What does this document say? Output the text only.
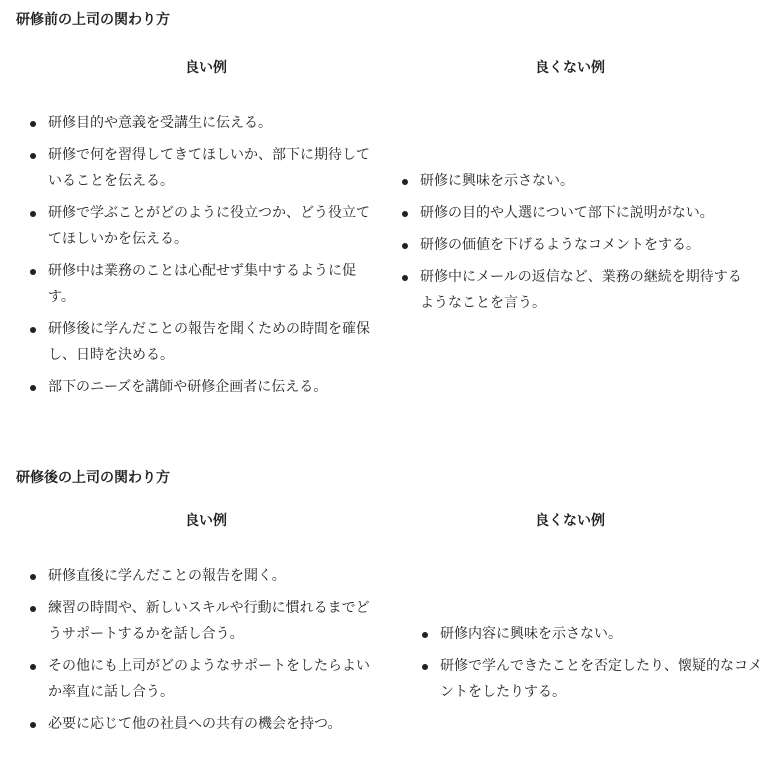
研修前の上司の関わり方
良い例	良くない例
研修目的や意義を受講生に伝える。
研修で何を習得してきてほしいか、部下に期待していることを伝える。
研修で学ぶことがどのように役立つか、どう役立ててほしいかを伝える。
研修中は業務のことは心配せず集中するように促す。
研修後に学んだことの報告を聞くための時間を確保し、日時を決める。
部下のニーズを講師や研修企画者に伝える。
研修に興味を示さない。
研修の目的や人選について部下に説明がない。
研修の価値を下げるようなコメントをする。
研修中にメールの返信など、業務の継続を期待するようなことを言う。
研修後の上司の関わり方
良い例	良くない例
研修直後に学んだことの報告を聞く。
練習の時間や、新しいスキルや行動に慣れるまでどうサポートするかを話し合う。
その他にも上司がどのようなサポートをしたらよいか率直に話し合う。
必要に応じて他の社員への共有の機会を持つ。
研修内容に興味を示さない。
研修で学んできたことを否定したり、懐疑的なコメントをしたりする。
